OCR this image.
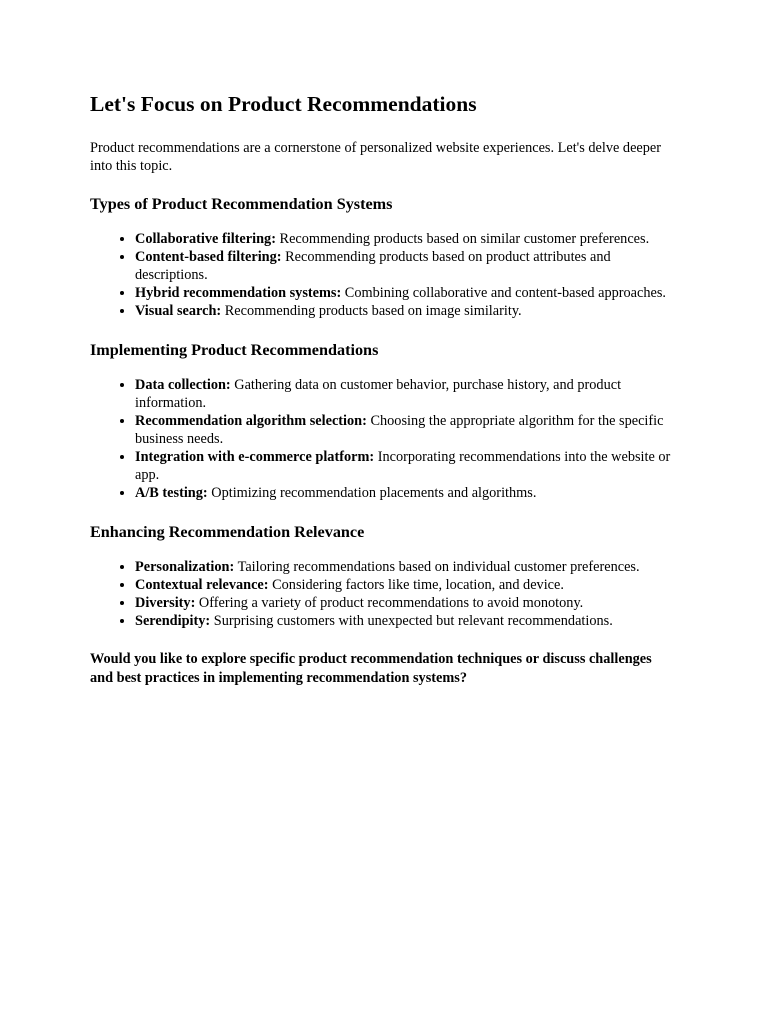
Let's Focus on Product Recommendations

Product recommendations are a cornerstone of personalized website experiences. Let's delve deeper into this topic.

Types of Product Recommendation Systems
• Collaborative filtering: Recommending products based on similar customer preferences.
• Content-based filtering: Recommending products based on product attributes and descriptions.
• Hybrid recommendation systems: Combining collaborative and content-based approaches.
• Visual search: Recommending products based on image similarity.
Implementing Product Recommendations
• Data collection: Gathering data on customer behavior, purchase history, and product information.
• Recommendation algorithm selection: Choosing the appropriate algorithm for the specific business needs.
• Integration with e-commerce platform: Incorporating recommendations into the website or app.
• A/B testing: Optimizing recommendation placements and algorithms.
Enhancing Recommendation Relevance
• Personalization: Tailoring recommendations based on individual customer preferences.
• Contextual relevance: Considering factors like time, location, and device.
• Diversity: Offering a variety of product recommendations to avoid monotony.
• Serendipity: Surprising customers with unexpected but relevant recommendations.

Would you like to explore specific product recommendation techniques or discuss challenges and best practices in implementing recommendation systems?
